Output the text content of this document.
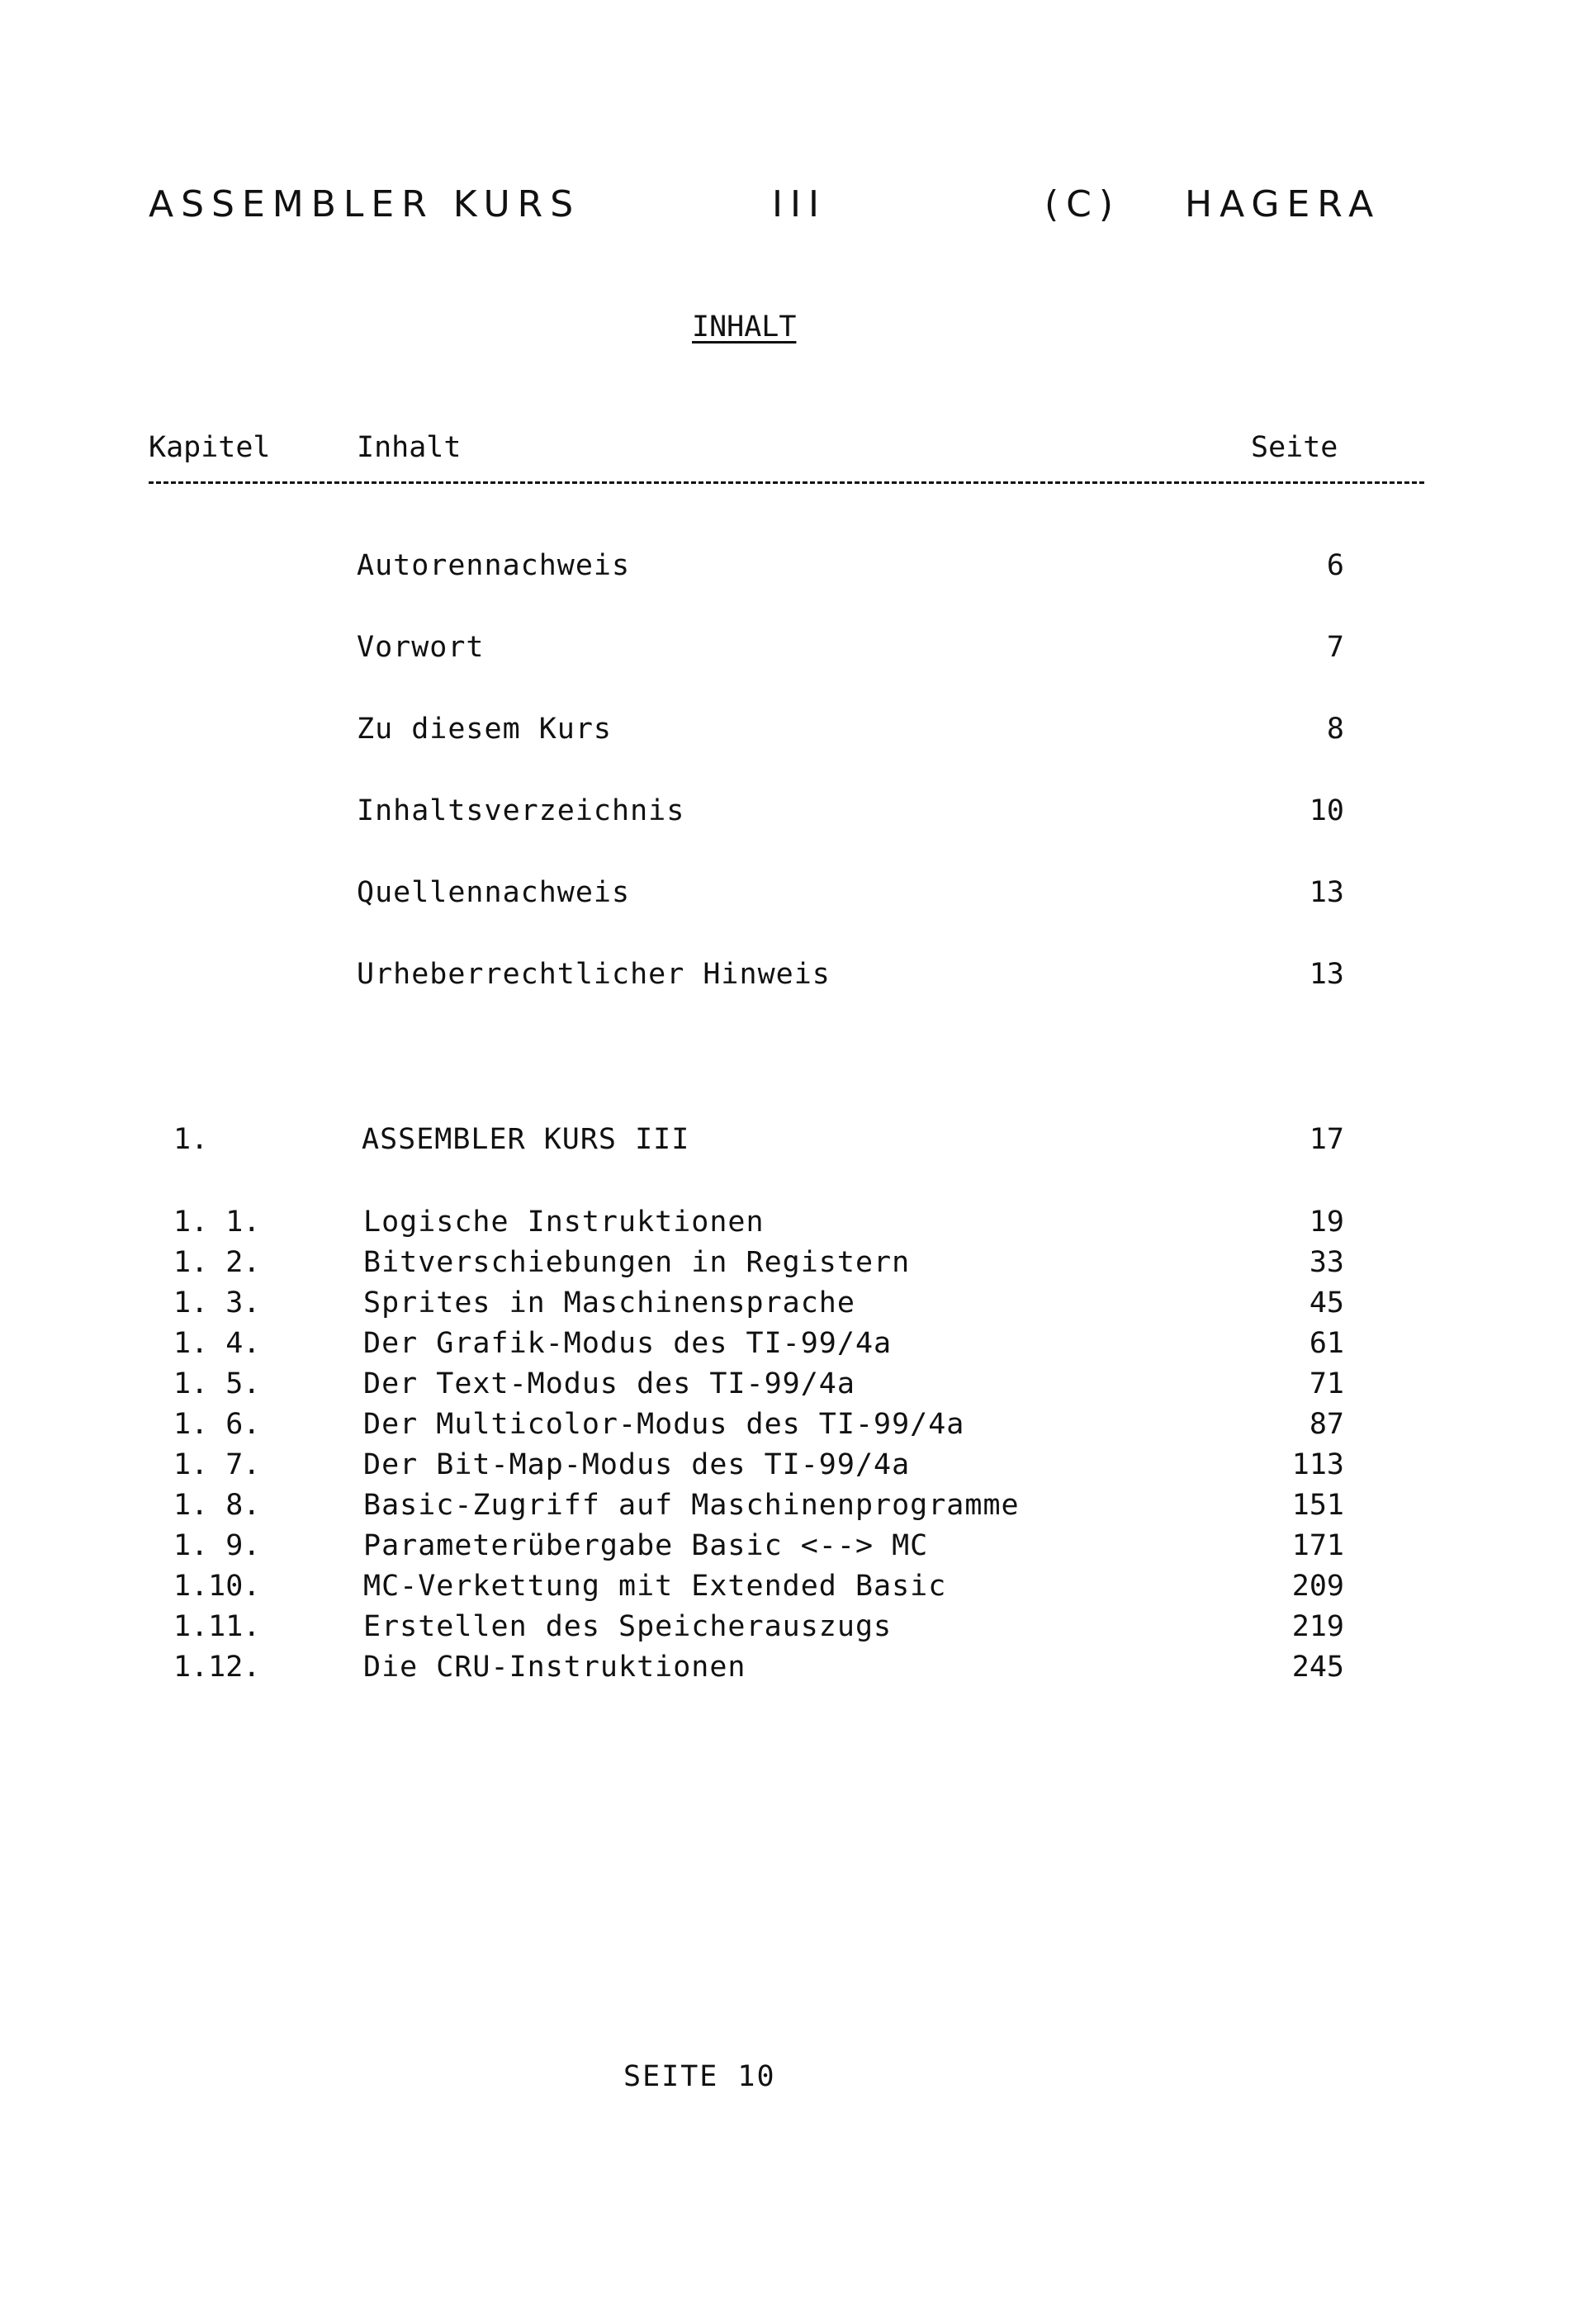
ASSEMBLER KURS	III	(C) HAGERA
INHALT
Kapitel	Inhalt	Seite
Autorennachweis	6
Vorwort	7
Zu diesem Kurs	8
Inhaltsverzeichnis	10
Quellennachweis	13
Urheberrechtlicher Hinweis	13
1.	ASSEMBLER KURS III	17
1. 1.	Logische Instruktionen	19
1. 2.	Bitverschiebungen in Registern	33
1. 3.	Sprites in Maschinensprache	45
1. 4.	Der Grafik-Modus des TI-99/4a	61
1. 5.	Der Text-Modus des TI-99/4a	71
1. 6.	Der Multicolor-Modus des TI-99/4a	87
1. 7.	Der Bit-Map-Modus des TI-99/4a	113
1. 8.	Basic-Zugriff auf Maschinenprogramme	151
1. 9.	Parameterübergabe Basic <--> MC	171
1.10.	MC-Verkettung mit Extended Basic	209
1.11.	Erstellen des Speicherauszugs	219
1.12.	Die CRU-Instruktionen	245
SEITE 10
